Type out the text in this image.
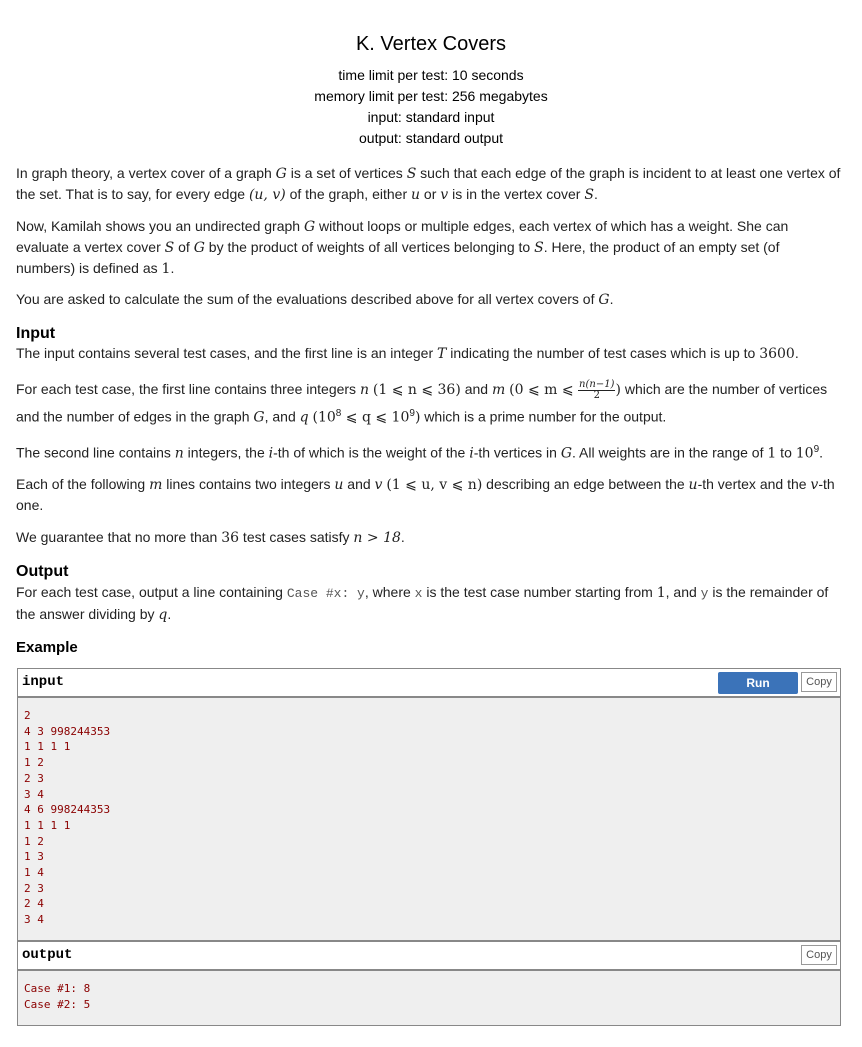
K. Vertex Covers
time limit per test: 10 seconds
memory limit per test: 256 megabytes
input: standard input
output: standard output
In graph theory, a vertex cover of a graph G is a set of vertices S such that each edge of the graph is incident to at least one vertex of the set. That is to say, for every edge (u, v) of the graph, either u or v is in the vertex cover S.
Now, Kamilah shows you an undirected graph G without loops or multiple edges, each vertex of which has a weight. She can evaluate a vertex cover S of G by the product of weights of all vertices belonging to S. Here, the product of an empty set (of numbers) is defined as 1.
You are asked to calculate the sum of the evaluations described above for all vertex covers of G.
Input
The input contains several test cases, and the first line is an integer T indicating the number of test cases which is up to 3600.
For each test case, the first line contains three integers n (1 ⩽ n ⩽ 36) and m (0 ⩽ m ⩽ $\frac{n(n-1)}{2}$ ) which are the number of vertices and the number of edges in the graph G, and q ($10^8$ ⩽ q ⩽ $10^9$) which is a prime number for the output.
The second line contains n integers, the i-th of which is the weight of the i-th vertices in G. All weights are in the range of 1 to $10^9$.
Each of the following m lines contains two integers u and v (1 ⩽ u, v ⩽ n) describing an edge between the u-th vertex and the v-th one.
We guarantee that no more than 36 test cases satisfy n > 18.
Output
For each test case, output a line containing Case #x: y, where x is the test case number starting from 1, and y is the remainder of the answer dividing by q.
Example
input	Run	Copy
2
4 3 998244353
1 1 1 1
1 2
2 3
3 4
4 6 998244353
1 1 1 1
1 2
1 3
1 4
2 3
2 4
3 4
output	Copy
Case #1: 8
Case #2: 5
